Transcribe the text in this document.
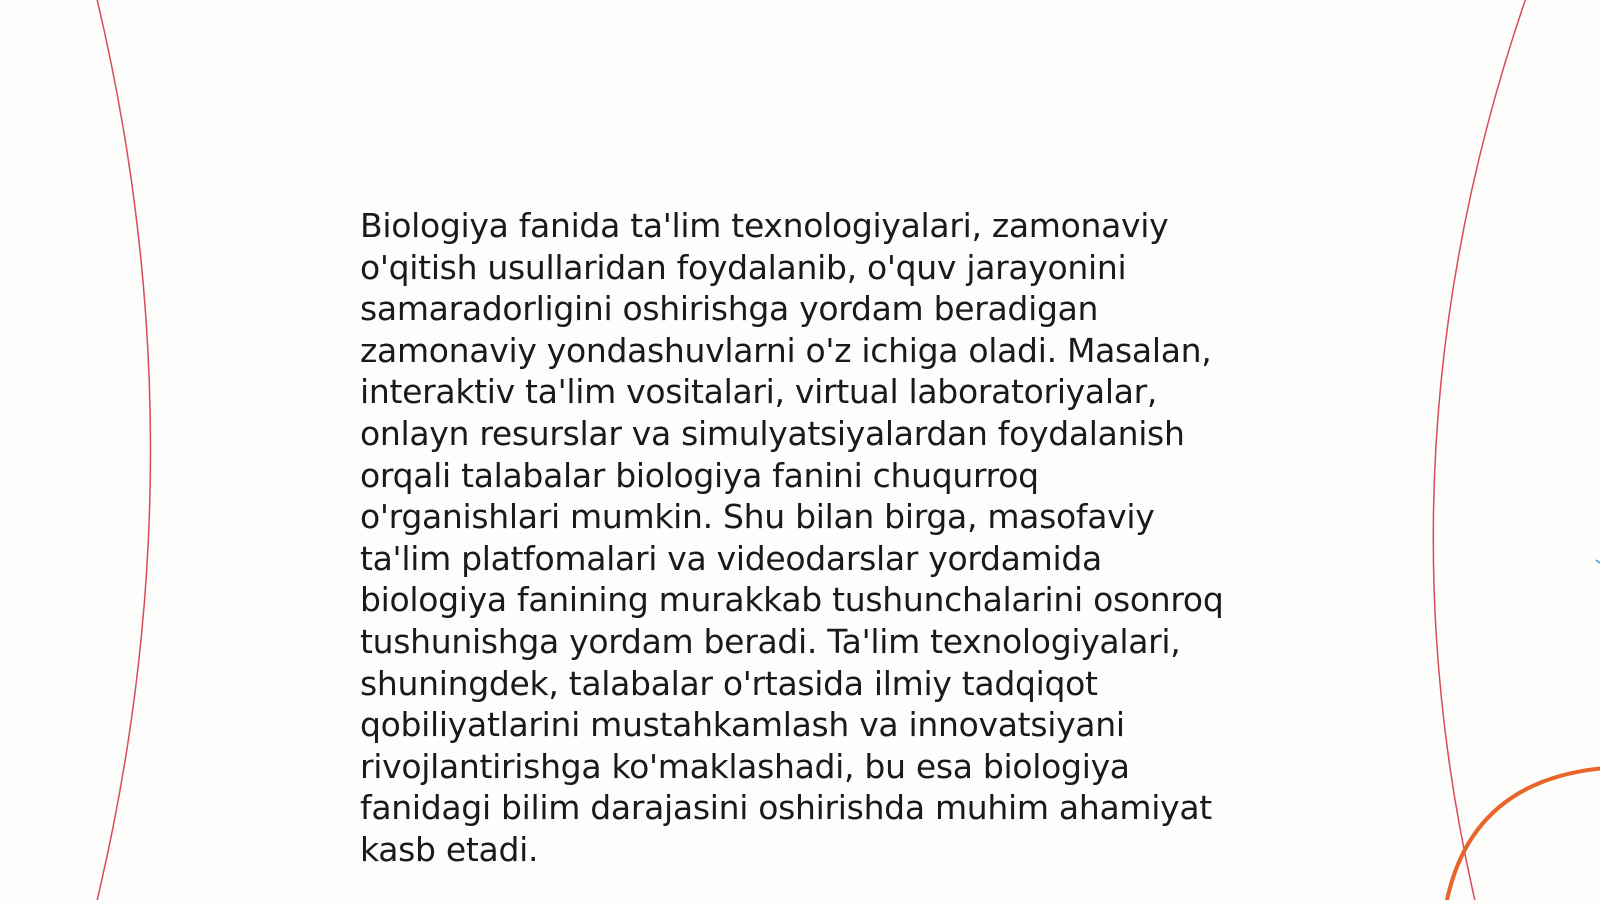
Biologiya fanida ta'lim texnologiyalari, zamonaviy
o'qitish usullaridan foydalanib, o'quv jarayonini
samaradorligini oshirishga yordam beradigan
zamonaviy yondashuvlarni o'z ichiga oladi. Masalan,
interaktiv ta'lim vositalari, virtual laboratoriyalar,
onlayn resurslar va simulyatsiyalardan foydalanish
orqali talabalar biologiya fanini chuqurroq
o'rganishlari mumkin. Shu bilan birga, masofaviy
ta'lim platfomalari va videodarslar yordamida
biologiya fanining murakkab tushunchalarini osonroq
tushunishga yordam beradi. Ta'lim texnologiyalari,
shuningdek, talabalar o'rtasida ilmiy tadqiqot
qobiliyatlarini mustahkamlash va innovatsiyani
rivojlantirishga ko'maklashadi, bu esa biologiya
fanidagi bilim darajasini oshirishda muhim ahamiyat
kasb etadi.
